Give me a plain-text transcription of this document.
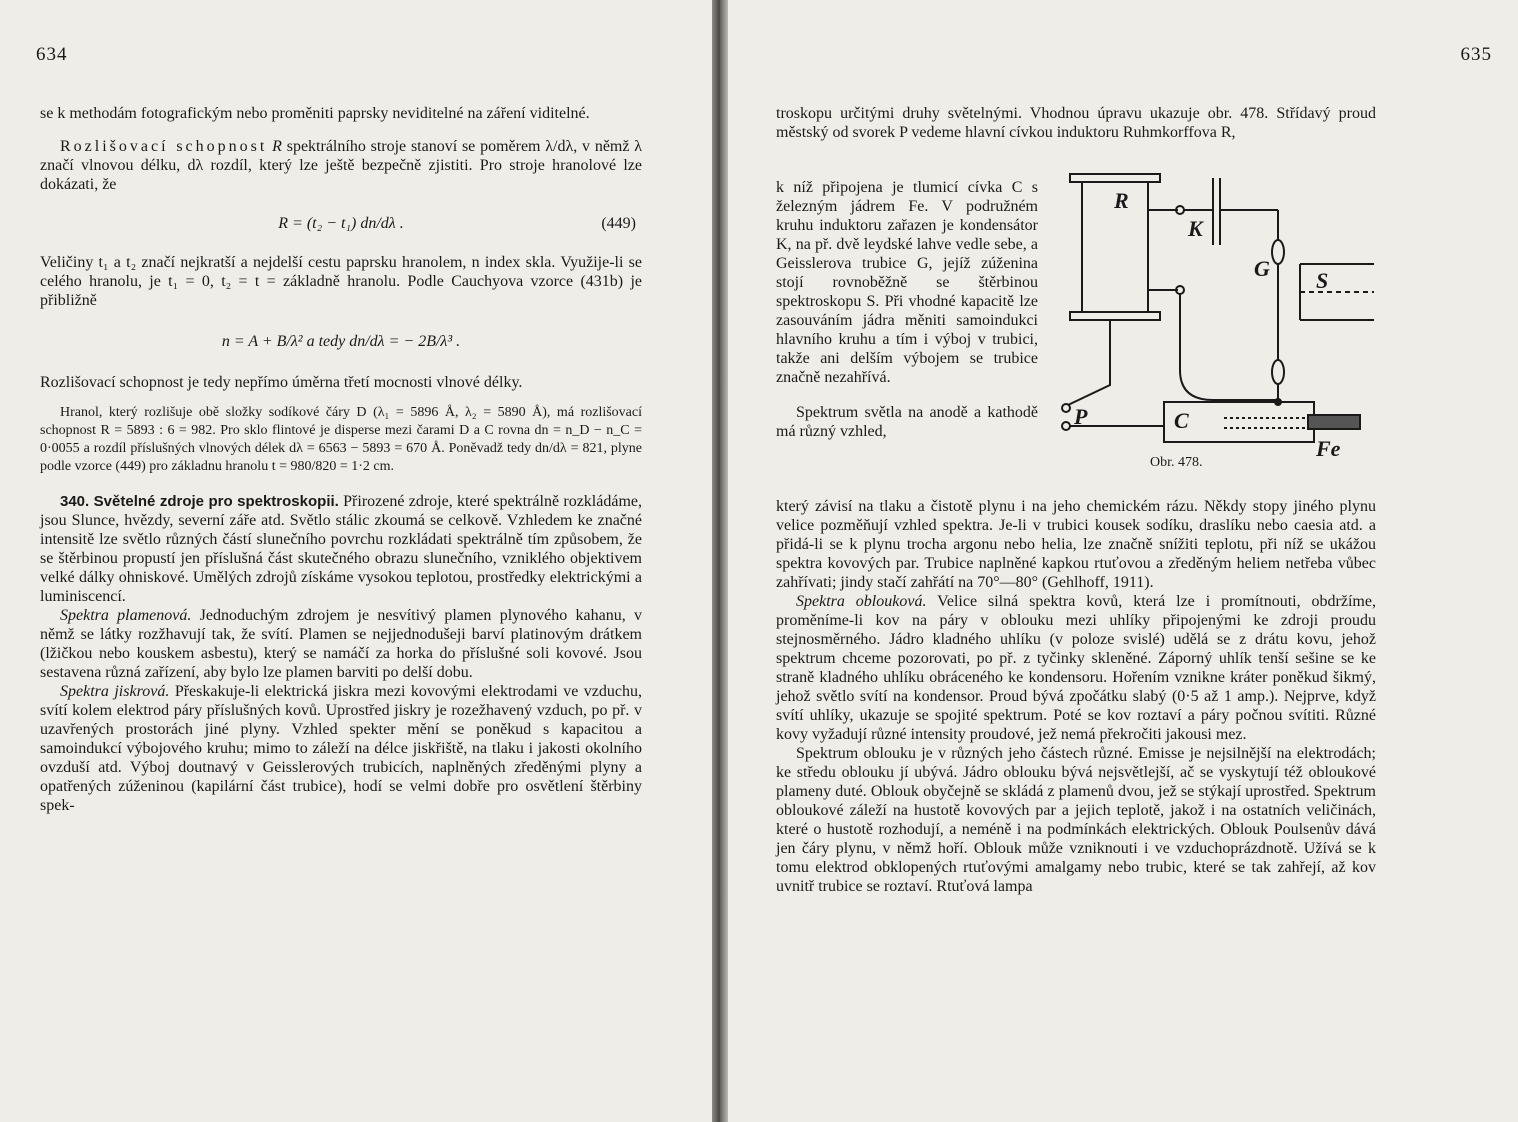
634

se k methodám fotografickým nebo proměniti paprsky neviditelné na záření viditelné.

Rozlišovací schopnost R spektrálního stroje stanoví se poměrem λ/dλ, v němž λ značí vlnovou délku, dλ rozdíl, který lze ještě bezpečně zjistiti. Pro stroje hranolové lze dokázati, že

R = (t₂ − t₁) dn/dλ .	(449)

Veličiny t₁ a t₂ značí nejkratší a nejdelší cestu paprsku hranolem, n index skla. Využije-li se celého hranolu, je t₁ = 0, t₂ = t = základně hranolu. Podle Cauchyova vzorce (431b) je přibližně

n = A + B/λ² a tedy dn/dλ = − 2B/λ³ .

Rozlišovací schopnost je tedy nepřímo úměrna třetí mocnosti vlnové délky.

Hranol, který rozlišuje obě složky sodíkové čáry D (λ₁ = 5896 Å, λ₂ = 5890 Å), má rozlišovací schopnost R = 5893 : 6 = 982. Pro sklo flintové je disperse mezi čarami D a C rovna dn = n_D − n_C = 0·0055 a rozdíl příslušných vlnových délek dλ = 6563 − 5893 = 670 Å. Poněvadž tedy dn/dλ = 821, plyne podle vzorce (449) pro základnu hranolu t = 980/820 = 1·2 cm.

340. Světelné zdroje pro spektroskopii. Přirozené zdroje, které spektrálně rozkládáme, jsou Slunce, hvězdy, severní záře atd. Světlo stálic zkoumá se celkově. Vzhledem ke značné intensitě lze světlo různých částí slunečního povrchu rozkládati spektrálně tím způsobem, že se štěrbinou propustí jen příslušná část skutečného obrazu slunečního, vzniklého objektivem velké dálky ohniskové. Umělých zdrojů získáme vysokou teplotou, prostředky elektrickými a luminiscencí.

Spektra plamenová. Jednoduchým zdrojem je nesvítivý plamen plynového kahanu, v němž se látky rozžhavují tak, že svítí. Plamen se nejjednodušeji barví platinovým drátkem (lžičkou nebo kouskem asbestu), který se namáčí za horka do příslušné soli kovové. Jsou sestavena různá zařízení, aby bylo lze plamen barviti po delší dobu.

Spektra jiskrová. Přeskakuje-li elektrická jiskra mezi kovovými elektrodami ve vzduchu, svítí kolem elektrod páry příslušných kovů. Uprostřed jiskry je rozežhavený vzduch, po př. v uzavřených prostorách jiné plyny. Vzhled spekter mění se poněkud s kapacitou a samoindukcí výbojového kruhu; mimo to záleží na délce jiskřiště, na tlaku i jakosti okolního ovzduší atd. Výboj doutnavý v Geisslerových trubicích, naplněných zředěnými plyny a opatřených zúženinou (kapilární část trubice), hodí se velmi dobře pro osvětlení štěrbiny spek-

635
troskopu určitými druhy světelnými. Vhodnou úpravu ukazuje obr. 478. Střídavý proud městský od svorek P vedeme hlavní cívkou induktoru Ruhmkorffova R,

k níž připojena je tlumicí cívka C s železným jádrem Fe. V podružném kruhu induktoru zařazen je kondensátor K, na př. dvě leydské lahve vedle sebe, a Geisslerova trubice G, jejíž zúženina stojí rovnoběžně se štěrbinou spektroskopu S. Při vhodné kapacitě lze zasouváním jádra měniti samoindukci hlavního kruhu a tím i výboj v trubici, takže ani delším výbojem se trubice značně nezahřívá.

Spektrum světla na anodě a kathodě má různý vzhled,

R
K
G S
P	C
Fe
Obr. 478.

který závisí na tlaku a čistotě plynu i na jeho chemickém rázu. Někdy stopy jiného plynu velice pozměňují vzhled spektra. Je-li v trubici kousek sodíku, draslíku nebo caesia atd. a přidá-li se k plynu trocha argonu nebo helia, lze značně snížiti teplotu, při níž se ukážou spektra kovových par. Trubice naplněné kapkou rtuťovou a zředěným heliem netřeba vůbec zahřívati; jindy stačí zahřátí na 70°—80° (Gehlhoff, 1911).

Spektra oblouková. Velice silná spektra kovů, která lze i promítnouti, obdržíme, proměníme-li kov na páry v oblouku mezi uhlíky připojenými ke zdroji proudu stejnosměrného. Jádro kladného uhlíku (v poloze svislé) udělá se z drátu kovu, jehož spektrum chceme pozorovati, po př. z tyčinky skleněné. Záporný uhlík tenší sešine se ke straně kladného uhlíku obráceného ke kondensoru. Hořením vznikne kráter poněkud šikmý, jehož světlo svítí na kondensor. Proud bývá zpočátku slabý (0·5 až 1 amp.). Nejprve, když svítí uhlíky, ukazuje se spojité spektrum. Poté se kov roztaví a páry počnou svítiti. Různé kovy vyžadují různé intensity proudové, jež nemá překročiti jakousi mez.

Spektrum oblouku je v různých jeho částech různé. Emisse je nejsilnější na elektrodách; ke středu oblouku jí ubývá. Jádro oblouku bývá nejsvětlejší, ač se vyskytují též obloukové plameny duté. Oblouk obyčejně se skládá z plamenů dvou, jež se stýkají uprostřed. Spektrum obloukové záleží na hustotě kovových par a jejich teplotě, jakož i na ostatních veličinách, které o hustotě rozhodují, a neméně i na podmínkách elektrických. Oblouk Poulsenův dává jen čáry plynu, v němž hoří. Oblouk může vzniknouti i ve vzduchoprázdnotě. Užívá se k tomu elektrod obklopených rtuťovými amalgamy nebo trubic, které se tak zahřejí, až kov uvnitř trubice se roztaví. Rtuťová lampa
